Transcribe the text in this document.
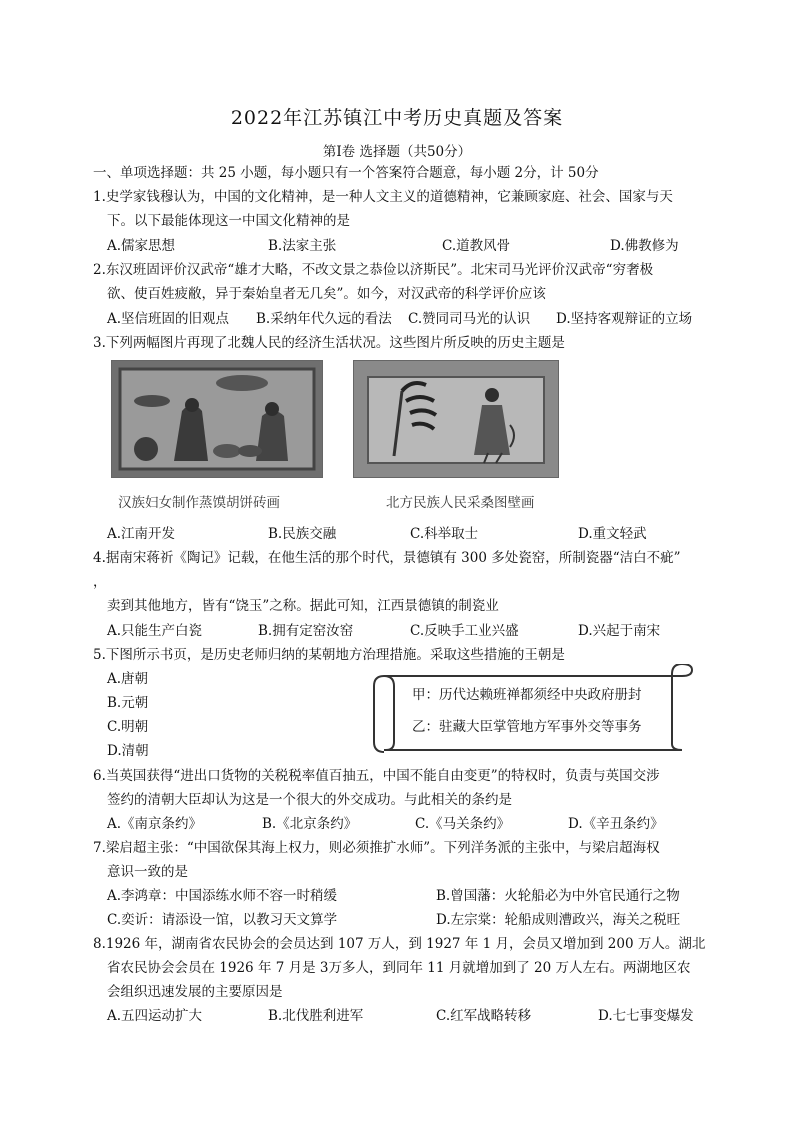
2022年江苏镇江中考历史真题及答案
第Ⅰ卷 选择题（共50分）
一、单项选择题：共 25 小题，每小题只有一个答案符合题意，每小题 2分，计 50分
1.史学家钱穆认为，中国的文化精神，是一种人文主义的道德精神，它兼顾家庭、社会、国家与天
下。以下最能体现这一中国文化精神的是
A.儒家思想	B.法家主张	C.道教风骨	D.佛教修为
2.东汉班固评价汉武帝“雄才大略，不改文景之恭俭以济斯民”。北宋司马光评价汉武帝“穷奢极
欲、使百姓疲敝，异于秦始皇者无几矣”。如今，对汉武帝的科学评价应该
A.坚信班固的旧观点 B.采纳年代久远的看法 C.赞同司马光的认识 D.坚持客观辩证的立场
3.下列两幅图片再现了北魏人民的经济生活状况。这些图片所反映的历史主题是
汉族妇女制作蒸馍胡饼砖画	北方民族人民采桑图壁画
A.江南开发	B.民族交融	C.科举取士	D.重文轻武
4.据南宋蒋祈《陶记》记载，在他生活的那个时代，景德镇有 300 多处瓷窑，所制瓷器“洁白不疵”
，
卖到其他地方，皆有“饶玉”之称。据此可知，江西景德镇的制瓷业
A.只能生产白瓷	B.拥有定窑汝窑	C.反映手工业兴盛	D.兴起于南宋
5.下图所示书页，是历史老师归纳的某朝地方治理措施。采取这些措施的王朝是
A.唐朝
B.元朝
C.明朝
D.清朝
甲：历代达赖班禅都须经中央政府册封
乙：驻藏大臣掌管地方军事外交等事务
6.当英国获得“进出口货物的关税税率值百抽五，中国不能自由变更”的特权时，负责与英国交涉
签约的清朝大臣却认为这是一个很大的外交成功。与此相关的条约是
A.《南京条约》	B.《北京条约》	C.《马关条约》	D.《辛丑条约》
7.梁启超主张：“中国欲保其海上权力，则必须推扩水师”。下列洋务派的主张中，与梁启超海权
意识一致的是
A.李鸿章：中国添练水师不容一时稍缓	B.曾国藩：火轮船必为中外官民通行之物
C.奕䜣：请添设一馆，以教习天文算学	D.左宗棠：轮船成则漕政兴，海关之税旺
8.1926 年，湖南省农民协会的会员达到 107 万人，到 1927 年 1 月，会员又增加到 200 万人。湖北
省农民协会会员在 1926 年 7 月是 3万多人，到同年 11 月就增加到了 20 万人左右。两湖地区农
会组织迅速发展的主要原因是
A.五四运动扩大	B.北伐胜利进军	C.红军战略转移	D.七七事变爆发
